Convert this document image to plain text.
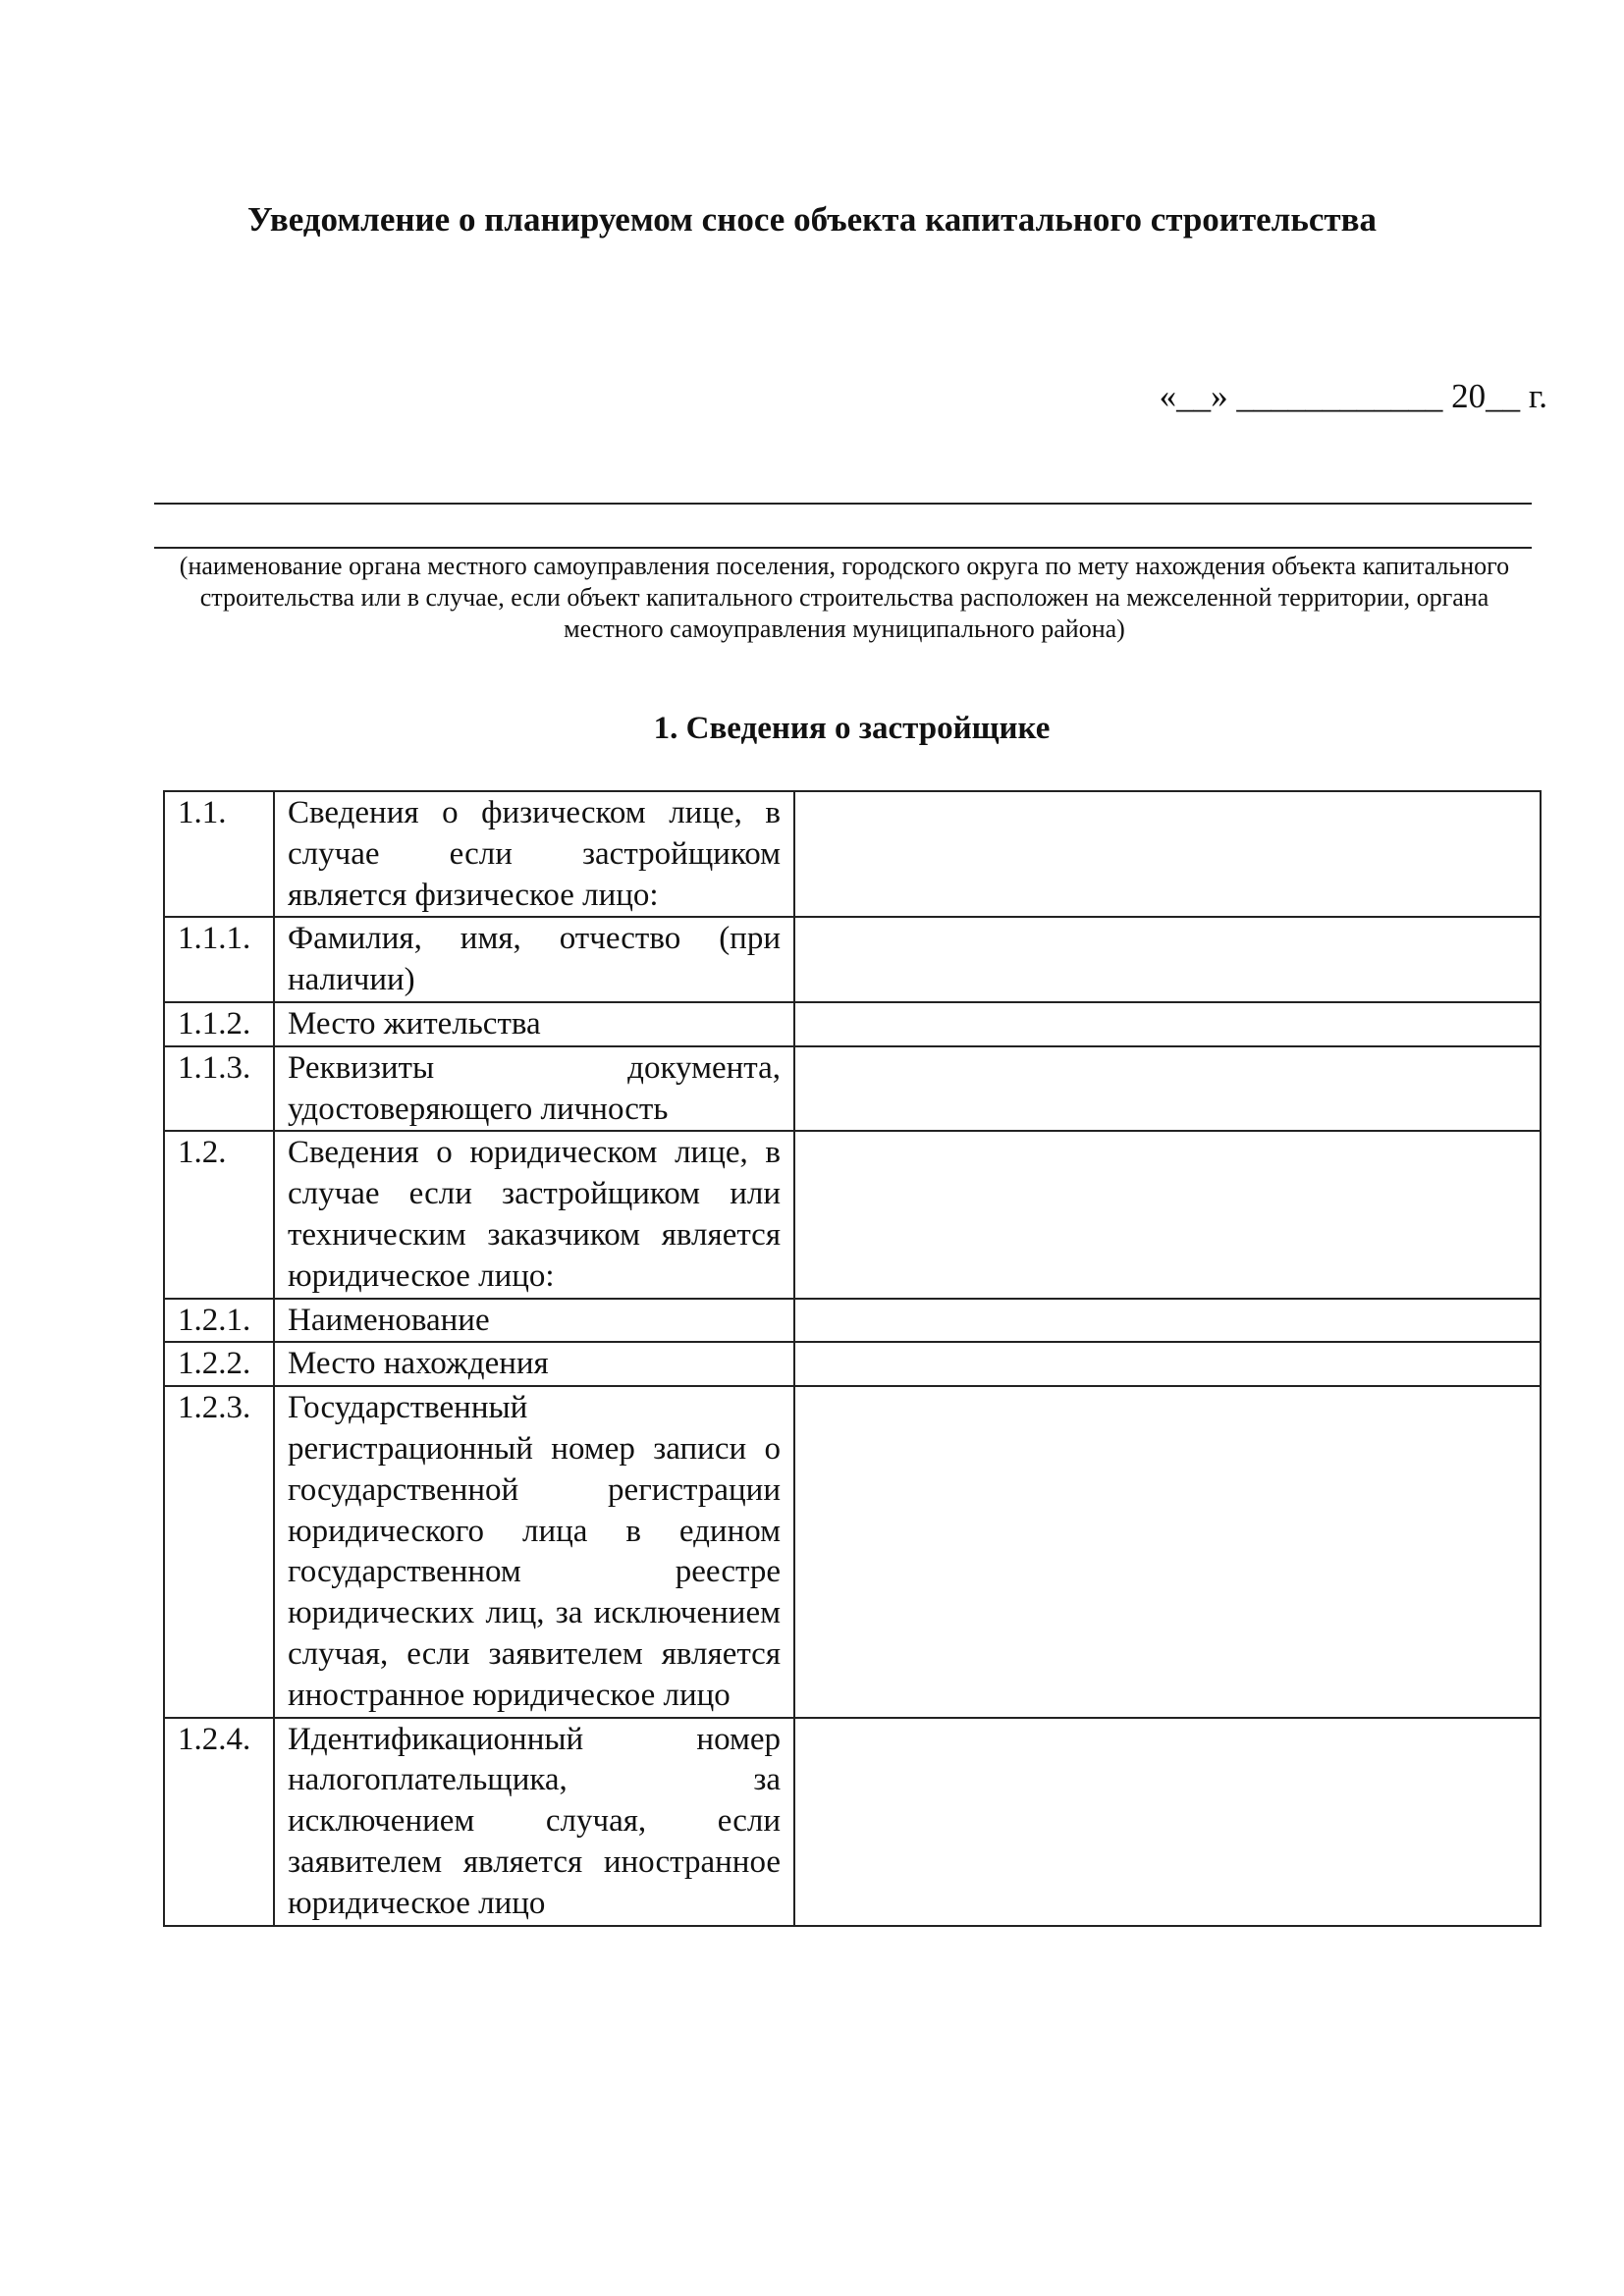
Уведомление о планируемом сносе объекта капитального строительства
«__» ____________ 20__ г.
(наименование органа местного самоуправления поселения, городского округа по мету нахождения объекта капитального строительства или в случае, если объект капитального строительства расположен на межселенной территории, органа местного самоуправления муниципального района)
1. Сведения о застройщике
1.1.	Сведения о физическом лице, в случае если застройщиком является физическое лицо:	
1.1.1.	Фамилия, имя, отчество (при наличии)	
1.1.2.	Место жительства	
1.1.3.	Реквизиты документа, удостоверяющего личность	
1.2.	Сведения о юридическом лице, в случае если застройщиком или техническим заказчиком является юридическое лицо:	
1.2.1.	Наименование	
1.2.2.	Место нахождения	
1.2.3.	Государственный регистрационный номер записи о государственной регистрации юридического лица в едином государственном реестре юридических лиц, за исключением случая, если заявителем является иностранное юридическое лицо	
1.2.4.	Идентификационный номер налогоплательщика, за исключением случая, если заявителем является иностранное юридическое лицо	
